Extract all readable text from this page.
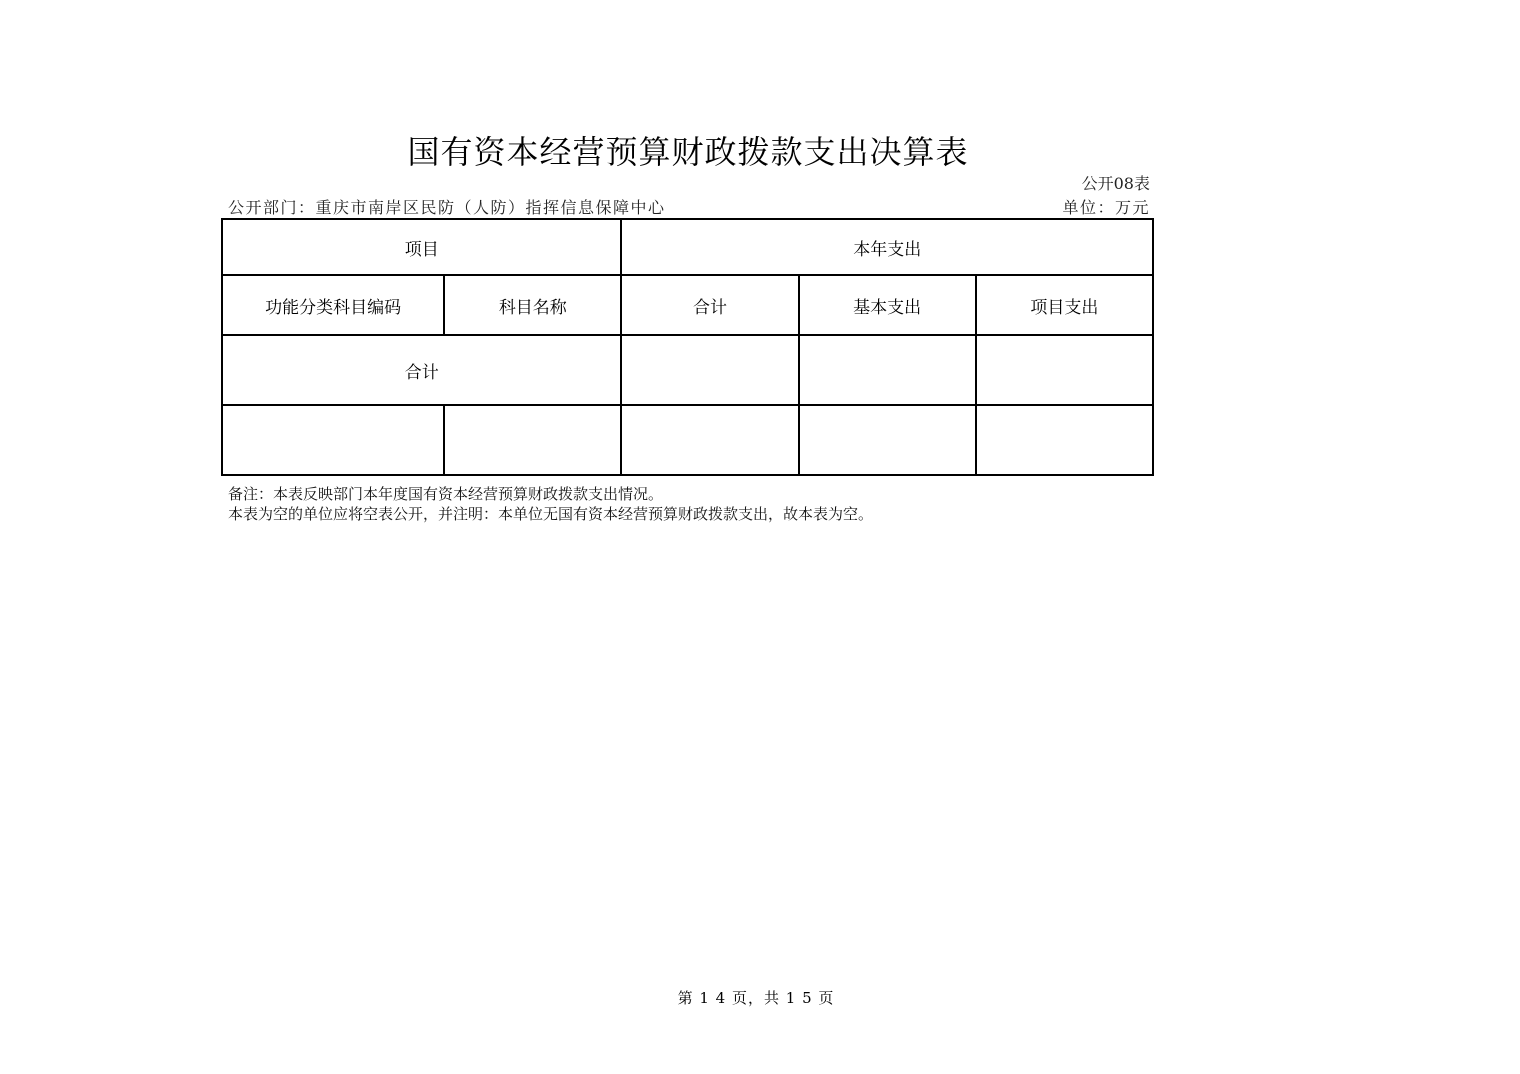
国有资本经营预算财政拨款支出决算表
公开08表
公开部门：重庆市南岸区民防（人防）指挥信息保障中心	单位：万元
项目		本年支出		
功能分类科目编码	科目名称	合计	基本支出	项目支出
合计				

备注：本表反映部门本年度国有资本经营预算财政拨款支出情况。
本表为空的单位应将空表公开，并注明：本单位无国有资本经营预算财政拨款支出，故本表为空。
第 1 4 页，共 1 5 页
